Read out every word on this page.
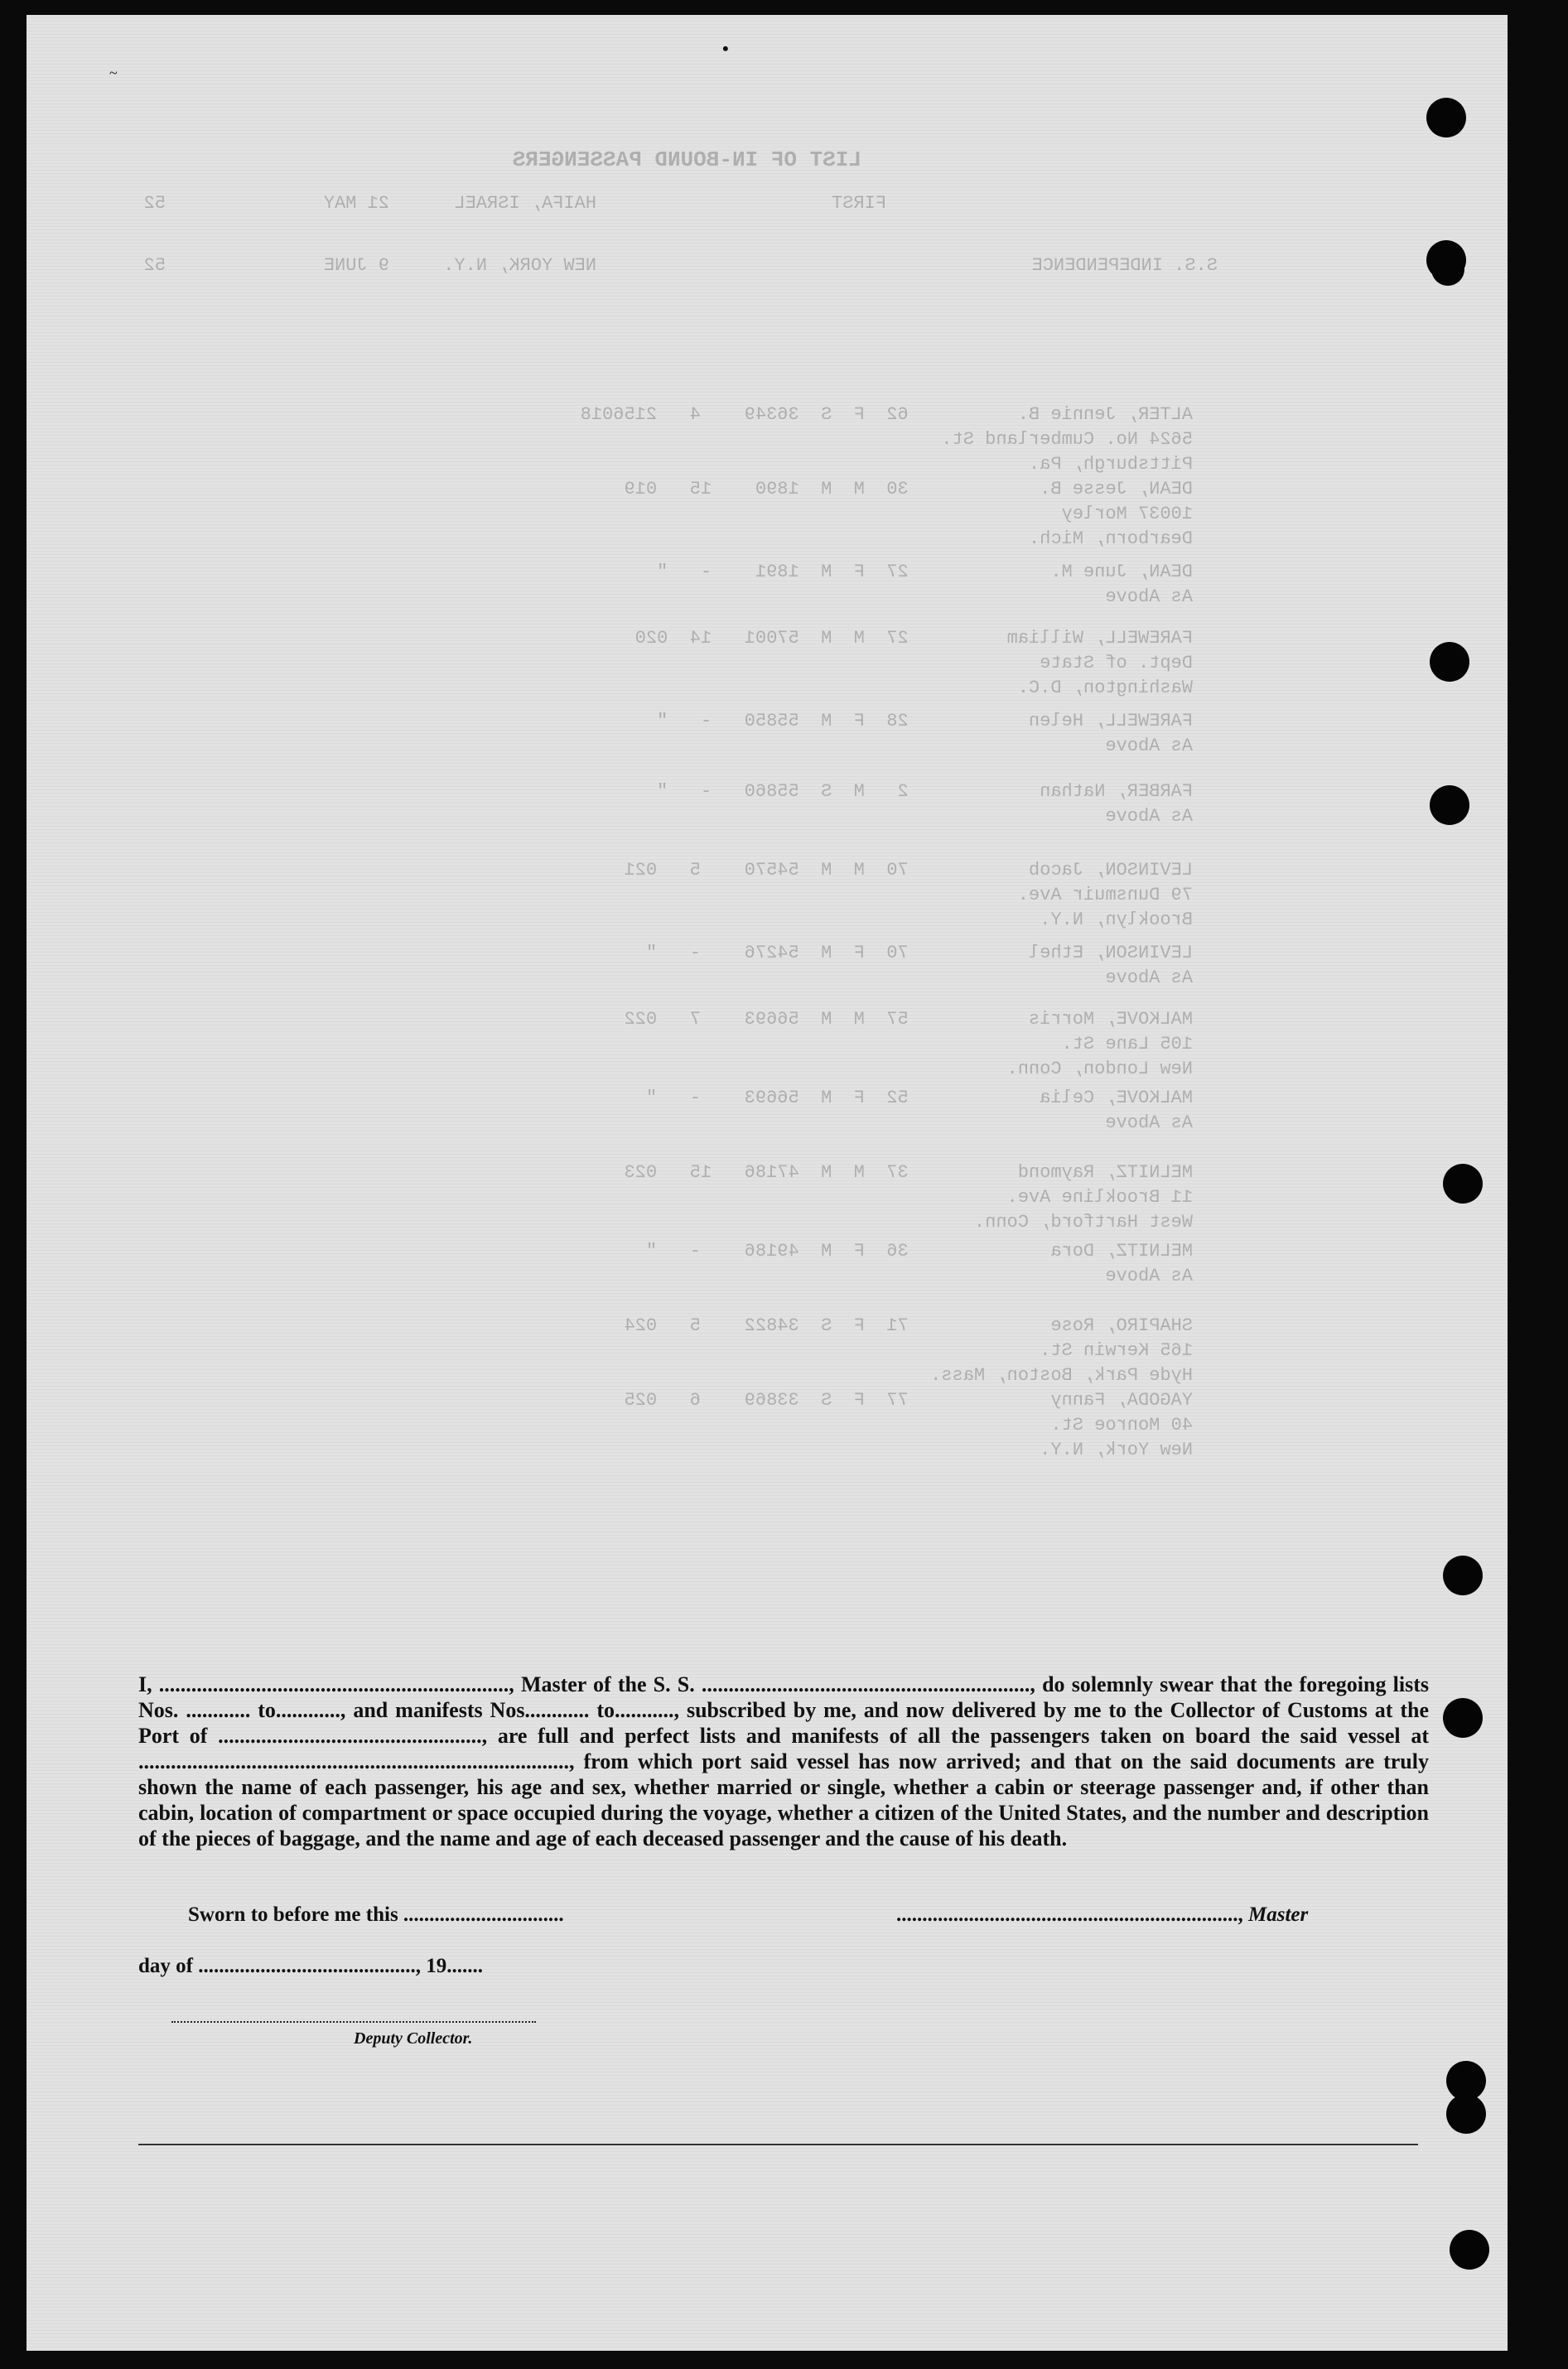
LIST OF IN-BOUND PASSENGERS
FIRST
HAIFA, ISRAEL
21 MAY
52
S.S. INDEPENDENCE
NEW YORK, N.Y.
9 JUNE
52
ALTER, Jennie B.          62  F  S  36349    4   2156018
5624 No. Cumberland St.
Pittsburgh, Pa.
DEAN, Jesse B.            30  M  M  1890    15   019
10037 Morley
Dearborn, Mich.
DEAN, June M.             27  F  M  1891    -   "
As Above
FAREWELL, William         27  M  M  57001   14  020
Dept. of State
Washington, D.C.
FAREWELL, Helen           28  F  M  55850   -   "
As Above
FARBER, Nathan            2   M  S  55860   -   "
As Above
LEVINSON, Jacob           70  M  M  54570    5   021
79 Dunsmuir Ave.
Brooklyn, N.Y.
LEVINSON, Ethel           70  F  M  54276    -   "
As Above
MALKOVE, Morris           57  M  M  56693    7   022
105 Lane St.
New London, Conn.
MALKOVE, Celia            52  F  M  56693    -   "
As Above
MELNITZ, Raymond          37  M  M  47186   15   023
11 Brookline Ave.
West Hartford, Conn.
MELNITZ, Dora             36  F  M  49186    -   "
As Above
SHAPIRO, Rose             71  F  S  34822    5   024
165 Kerwin St.
Hyde Park, Boston, Mass.
YAGODA, Fanny             77  F  S  33869    6   025
40 Monroe St.
New York, N.Y.
•
~

I, ................................................................., Master of the S. S. ............................................................., do solemnly swear that the foregoing lists Nos. ............ to............, and manifests Nos............ to..........., subscribed by me, and now delivered by me to the Collector of Customs at the Port of ................................................., are full and perfect lists and manifests of all the passengers taken on board the said vessel at ................................................................................, from which port said vessel has now arrived; and that on the said documents are truly shown the name of each passenger, his age and sex, whether married or single, whether a cabin or steerage passenger and, if other than cabin, location of compartment or space occupied during the voyage, whether a citizen of the United States, and the number and description of the pieces of baggage, and the name and age of each deceased passenger and the cause of his death.

Sworn to before me this ...............................	.................................................................., Master
day of .........................................., 19.......
Deputy Collector.
